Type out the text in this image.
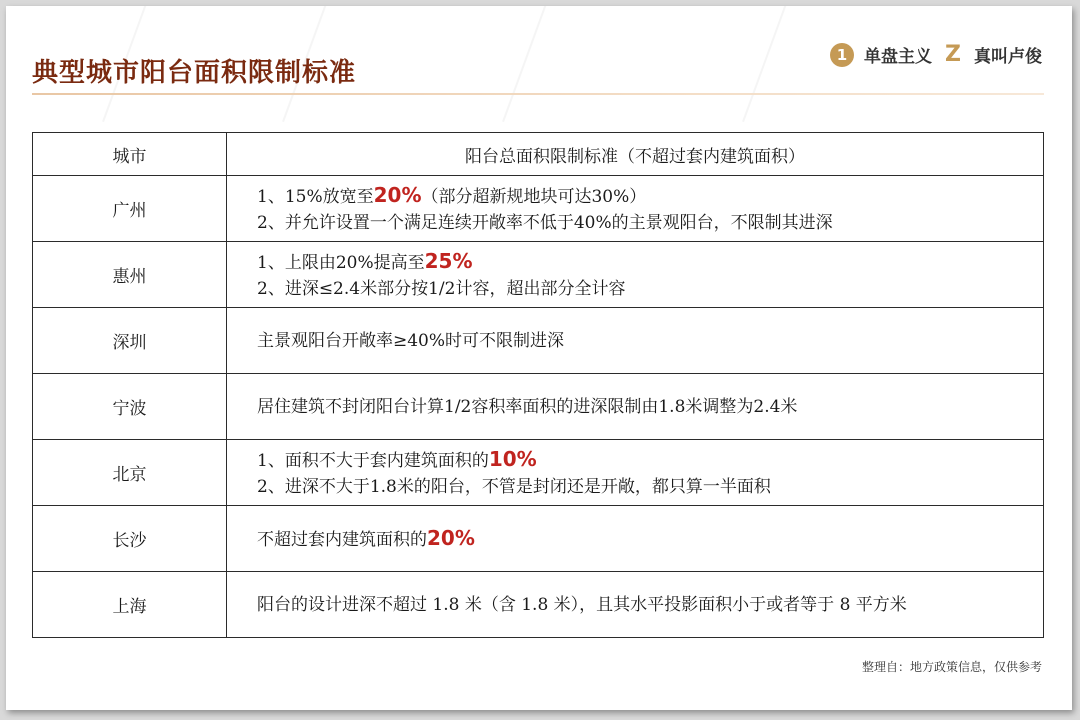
典型城市阳台面积限制标准
1 单盘主义 Z 真叫卢俊
城市	阳台总面积限制标准（不超过套内建筑面积）
广州	1、15%放宽至20%（部分超新规地块可达30%）
2、并允许设置一个满足连续开敞率不低于40%的主景观阳台，不限制其进深

惠州	1、上限由20%提高至25%
2、进深≤2.4米部分按1/2计容，超出部分全计容

深圳	主景观阳台开敞率≥40%时可不限制进深

宁波	居住建筑不封闭阳台计算1/2容积率面积的进深限制由1.8米调整为2.4米

北京	1、面积不大于套内建筑面积的10%
2、进深不大于1.8米的阳台，不管是封闭还是开敞，都只算一半面积

长沙	不超过套内建筑面积的20%

上海	阳台的设计进深不超过 1.8 米（含 1.8 米），且其水平投影面积小于或者等于 8 平方米
整理自：地方政策信息，仅供参考
